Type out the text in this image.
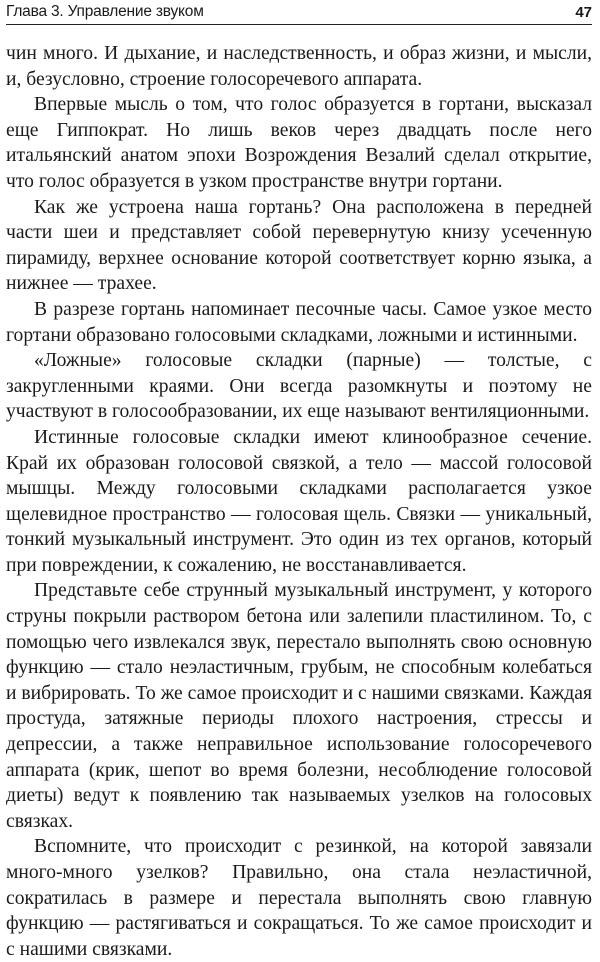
Глава 3. Управление звуком	47

чин много. И дыхание, и наследственность, и образ жизни, и мысли, и, безусловно, строение голосоречевого аппарата.

Впервые мысль о том, что голос образуется в гортани, высказал еще Гиппократ. Но лишь веков через двадцать после него итальянский анатом эпохи Возрождения Везалий сделал открытие, что голос образуется в узком пространстве внутри гортани.

Как же устроена наша гортань? Она расположена в передней части шеи и представляет собой перевернутую книзу усеченную пирамиду, верхнее основание которой соответствует корню языка, а нижнее — трахее.

В разрезе гортань напоминает песочные часы. Самое узкое место гортани образовано голосовыми складками, ложными и истинными.

«Ложные» голосовые складки (парные) — толстые, с закругленными краями. Они всегда разомкнуты и поэтому не участвуют в голосообразовании, их еще называют вентиляционными.

Истинные голосовые складки имеют клинообразное сечение. Край их образован голосовой связкой, а тело — массой голосовой мышцы. Между голосовыми складками располагается узкое щелевидное пространство — голосовая щель. Связки — уникальный, тонкий музыкальный инструмент. Это один из тех органов, который при повреждении, к сожалению, не восстанавливается.

Представьте себе струнный музыкальный инструмент, у которого струны покрыли раствором бетона или залепили пластилином. То, с помощью чего извлекался звук, перестало выполнять свою основную функцию — стало неэластичным, грубым, не способным колебаться и вибрировать. То же самое происходит и с нашими связками. Каждая простуда, затяжные периоды плохого настроения, стрессы и депрессии, а также неправильное использование голосоречевого аппарата (крик, шепот во время болезни, несоблюдение голосовой диеты) ведут к появлению так называемых узелков на голосовых связках.

Вспомните, что происходит с резинкой, на которой завязали много-много узелков? Правильно, она стала неэластичной, сократилась в размере и перестала выполнять свою главную функцию — растягиваться и сокращаться. То же самое происходит и с нашими связками.
